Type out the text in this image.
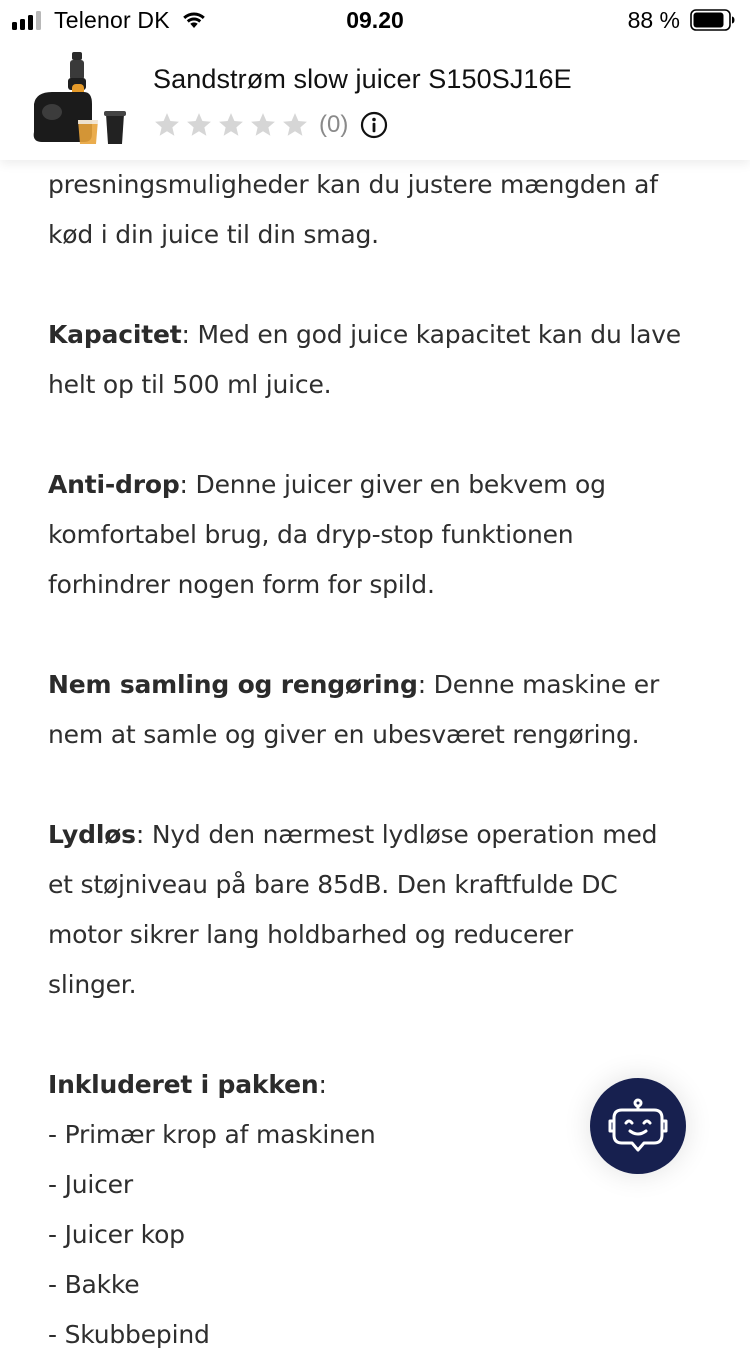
Telenor DK	09.20	88 %
Sandstrøm slow juicer S150SJ16E
(0)

presningsmuligheder kan du justere mængden af

kød i din juice til din smag.

Kapacitet: Med en god juice kapacitet kan du lave

helt op til 500 ml juice.

Anti-drop: Denne juicer giver en bekvem og

komfortabel brug, da dryp-stop funktionen

forhindrer nogen form for spild.

Nem samling og rengøring: Denne maskine er

nem at samle og giver en ubesværet rengøring.

Lydløs: Nyd den nærmest lydløse operation med

et støjniveau på bare 85dB. Den kraftfulde DC

motor sikrer lang holdbarhed og reducerer

slinger.

Inkluderet i pakken:

- Primær krop af maskinen

- Juicer

- Juicer kop

- Bakke

- Skubbepind
